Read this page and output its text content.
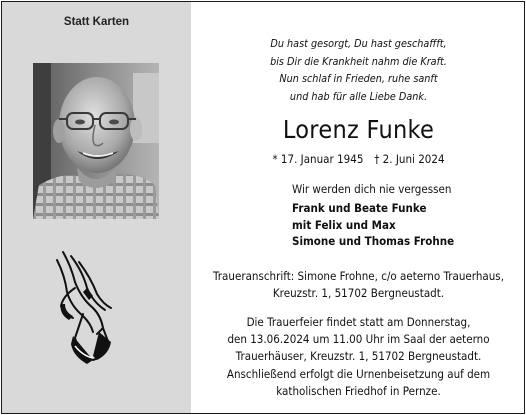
Statt Karten
Du hast gesorgt, Du hast geschaffft,
bis Dir die Krankheit nahm die Kraft.
Nun schlaf in Frieden, ruhe sanft
und hab für alle Liebe Dank.
Lorenz Funke
* 17. Januar 1945 † 2. Juni 2024
Wir werden dich nie vergessen
Frank und Beate Funke
mit Felix und Max
Simone und Thomas Frohne
Traueranschrift: Simone Frohne, c/o aeterno Trauerhaus,
Kreuzstr. 1, 51702 Bergneustadt.
Die Trauerfeier findet statt am Donnerstag,
den 13.06.2024 um 11.00 Uhr im Saal der aeterno
Trauerhäuser, Kreuzstr. 1, 51702 Bergneustadt.
Anschließend erfolgt die Urnenbeisetzung auf dem
katholischen Friedhof in Pernze.
